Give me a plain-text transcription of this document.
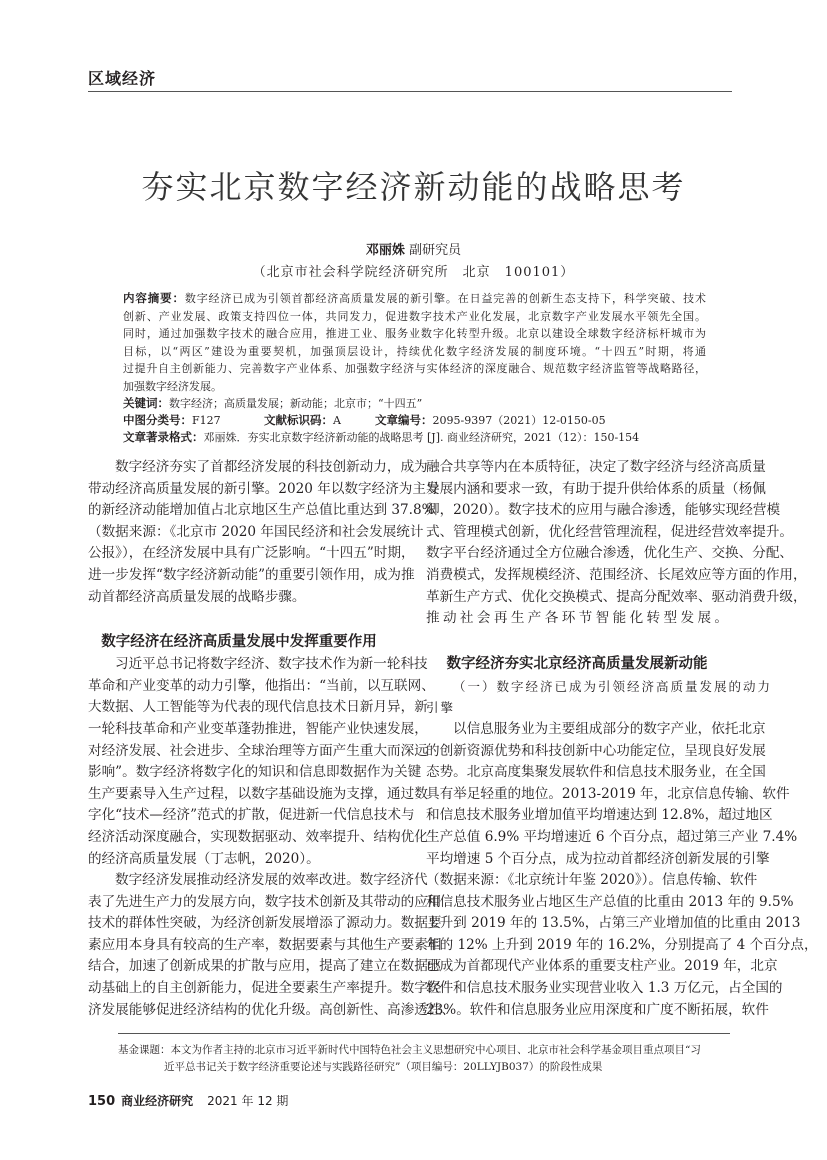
区域经济
夯实北京数字经济新动能的战略思考
邓丽姝 副研究员
（北京市社会科学院经济研究所　北京　100101）
内容摘要：数字经济已成为引领首都经济高质量发展的新引擎。在日益完善的创新生态支持下，科学突破、技术
创新、产业发展、政策支持四位一体，共同发力，促进数字技术产业化发展，北京数字产业发展水平领先全国。
同时，通过加强数字技术的融合应用，推进工业、服务业数字化转型升级。北京以建设全球数字经济标杆城市为
目标，以“两区”建设为重要契机，加强顶层设计，持续优化数字经济发展的制度环境。“十四五”时期，将通
过提升自主创新能力、完善数字产业体系、加强数字经济与实体经济的深度融合、规范数字经济监管等战略路径，
加强数字经济发展。
关键词：数字经济；高质量发展；新动能；北京市；“十四五”
中图分类号：F127	文献标识码：A	文章编号：2095-9397（2021）12-0150-05
文章著录格式：邓丽姝．夯实北京数字经济新动能的战略思考 [J]. 商业经济研究，2021（12）：150-154
数字经济夯实了首都经济发展的科技创新动力，成为
带动经济高质量发展的新引擎。2020 年以数字经济为主导
的新经济动能增加值占北京地区生产总值比重达到 37.8%
（数据来源：《北京市 2020 年国民经济和社会发展统计
公报》），在经济发展中具有广泛影响。“十四五”时期，
进一步发挥“数字经济新动能”的重要引领作用，成为推
动首都经济高质量发展的战略步骤。
数字经济在经济高质量发展中发挥重要作用
习近平总书记将数字经济、数字技术作为新一轮科技
革命和产业变革的动力引擎，他指出：“当前，以互联网、
大数据、人工智能等为代表的现代信息技术日新月异，新
一轮科技革命和产业变革蓬勃推进，智能产业快速发展，
对经济发展、社会进步、全球治理等方面产生重大而深远
影响”。数字经济将数字化的知识和信息即数据作为关键
生产要素导入生产过程，以数字基础设施为支撑，通过数
字化“技术—经济”范式的扩散，促进新一代信息技术与
经济活动深度融合，实现数据驱动、效率提升、结构优化
的经济高质量发展（丁志帆，2020）。
数字经济发展推动经济发展的效率改进。数字经济代
表了先进生产力的发展方向，数字技术创新及其带动的应用
技术的群体性突破，为经济创新发展增添了源动力。数据要
素应用本身具有较高的生产率，数据要素与其他生产要素相
结合，加速了创新成果的扩散与应用，提高了建立在数据驱
动基础上的自主创新能力，促进全要素生产率提升。数字经
济发展能够促进经济结构的优化升级。高创新性、高渗透性、
融合共享等内在本质特征，决定了数字经济与经济高质量
发展内涵和要求一致，有助于提升供给体系的质量（杨佩
卿，2020）。数字技术的应用与融合渗透，能够实现经营模
式、管理模式创新，优化经营管理流程，促进经营效率提升。
数字平台经济通过全方位融合渗透，优化生产、交换、分配、
消费模式，发挥规模经济、范围经济、长尾效应等方面的作用，
革新生产方式、优化交换模式、提高分配效率、驱动消费升级，
推动社会再生产各环节智能化转型发展。
数字经济夯实北京经济高质量发展新动能
（一）数字经济已成为引领经济高质量发展的动力
引擎
以信息服务业为主要组成部分的数字产业，依托北京
的创新资源优势和科技创新中心功能定位，呈现良好发展
态势。北京高度集聚发展软件和信息技术服务业，在全国
具有举足轻重的地位。2013-2019 年，北京信息传输、软件
和信息技术服务业增加值平均增速达到 12.8%，超过地区
生产总值 6.9% 平均增速近 6 个百分点，超过第三产业 7.4%
平均增速 5 个百分点，成为拉动首都经济创新发展的引擎
（数据来源：《北京统计年鉴 2020》）。信息传输、软件
和信息技术服务业占地区生产总值的比重由 2013 年的 9.5%
上升到 2019 年的 13.5%，占第三产业增加值的比重由 2013
年的 12% 上升到 2019 年的 16.2%，分别提高了 4 个百分点，
已成为首都现代产业体系的重要支柱产业。2019 年，北京
软件和信息技术服务业实现营业收入 1.3 万亿元，占全国的
23%。软件和信息服务业应用深度和广度不断拓展，软件
基金课题：本文为作者主持的北京市习近平新时代中国特色社会主义思想研究中心项目、北京市社会科学基金项目重点项目“习
近平总书记关于数字经济重要论述与实践路径研究”（项目编号：20LLYJB037）的阶段性成果
150 商业经济研究 2021 年 12 期
